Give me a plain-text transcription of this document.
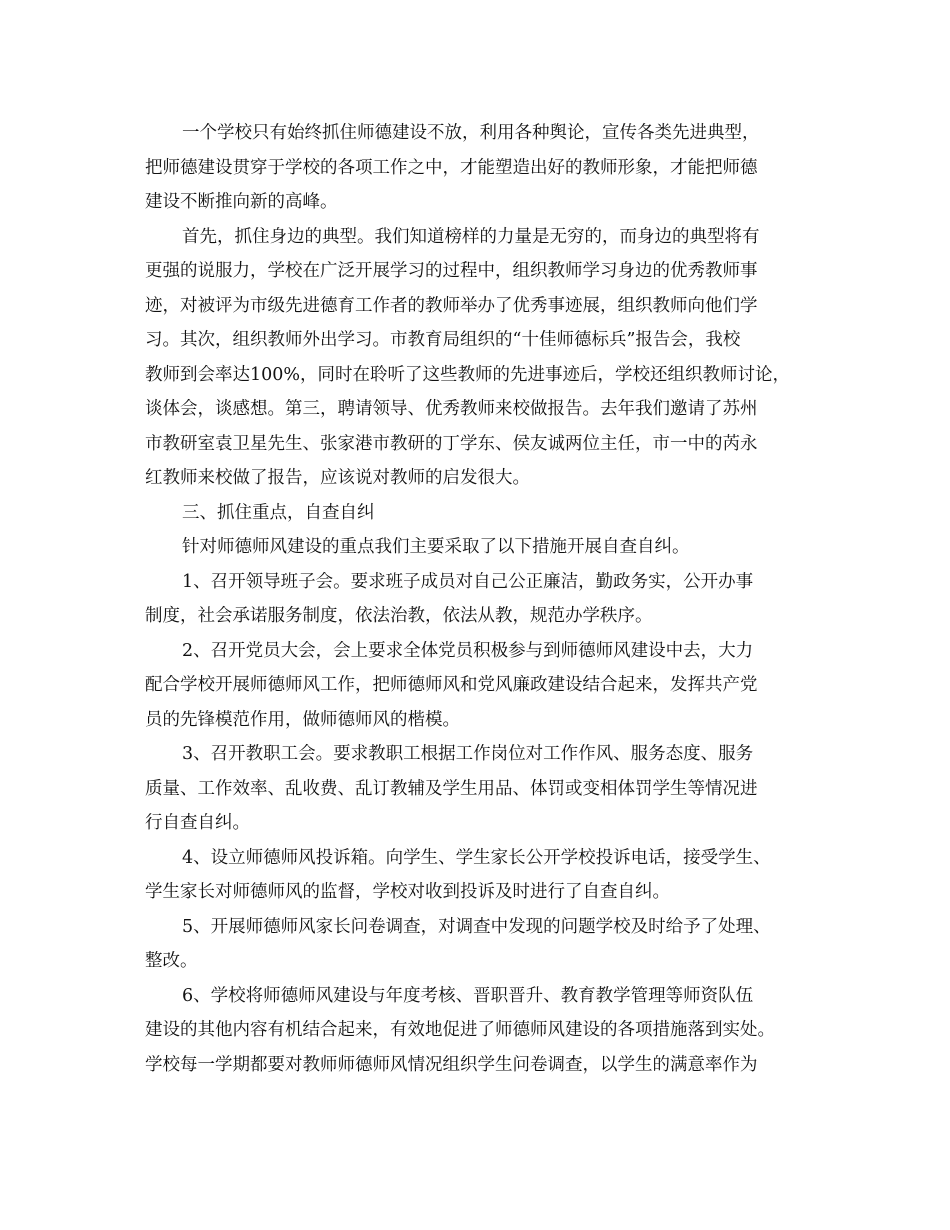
一个学校只有始终抓住师德建设不放，利用各种舆论，宣传各类先进典型，
把师德建设贯穿于学校的各项工作之中，才能塑造出好的教师形象，才能把师德
建设不断推向新的高峰。
首先，抓住身边的典型。我们知道榜样的力量是无穷的，而身边的典型将有
更强的说服力，学校在广泛开展学习的过程中，组织教师学习身边的优秀教师事
迹，对被评为市级先进德育工作者的教师举办了优秀事迹展，组织教师向他们学
习。其次，组织教师外出学习。市教育局组织的“十佳师德标兵”报告会，我校
教师到会率达100%，同时在聆听了这些教师的先进事迹后，学校还组织教师讨论，
谈体会，谈感想。第三，聘请领导、优秀教师来校做报告。去年我们邀请了苏州
市教研室袁卫星先生、张家港市教研的丁学东、侯友诚两位主任，市一中的芮永
红教师来校做了报告，应该说对教师的启发很大。
三、抓住重点，自查自纠
针对师德师风建设的重点我们主要采取了以下措施开展自查自纠。
1、召开领导班子会。要求班子成员对自己公正廉洁，勤政务实，公开办事
制度，社会承诺服务制度，依法治教，依法从教，规范办学秩序。
2、召开党员大会，会上要求全体党员积极参与到师德师风建设中去，大力
配合学校开展师德师风工作，把师德师风和党风廉政建设结合起来，发挥共产党
员的先锋模范作用，做师德师风的楷模。
3、召开教职工会。要求教职工根据工作岗位对工作作风、服务态度、服务
质量、工作效率、乱收费、乱订教辅及学生用品、体罚或变相体罚学生等情况进
行自查自纠。
4、设立师德师风投诉箱。向学生、学生家长公开学校投诉电话，接受学生、
学生家长对师德师风的监督，学校对收到投诉及时进行了自查自纠。
5、开展师德师风家长问卷调查，对调查中发现的问题学校及时给予了处理、
整改。
6、学校将师德师风建设与年度考核、晋职晋升、教育教学管理等师资队伍
建设的其他内容有机结合起来，有效地促进了师德师风建设的各项措施落到实处。
学校每一学期都要对教师师德师风情况组织学生问卷调查，以学生的满意率作为
